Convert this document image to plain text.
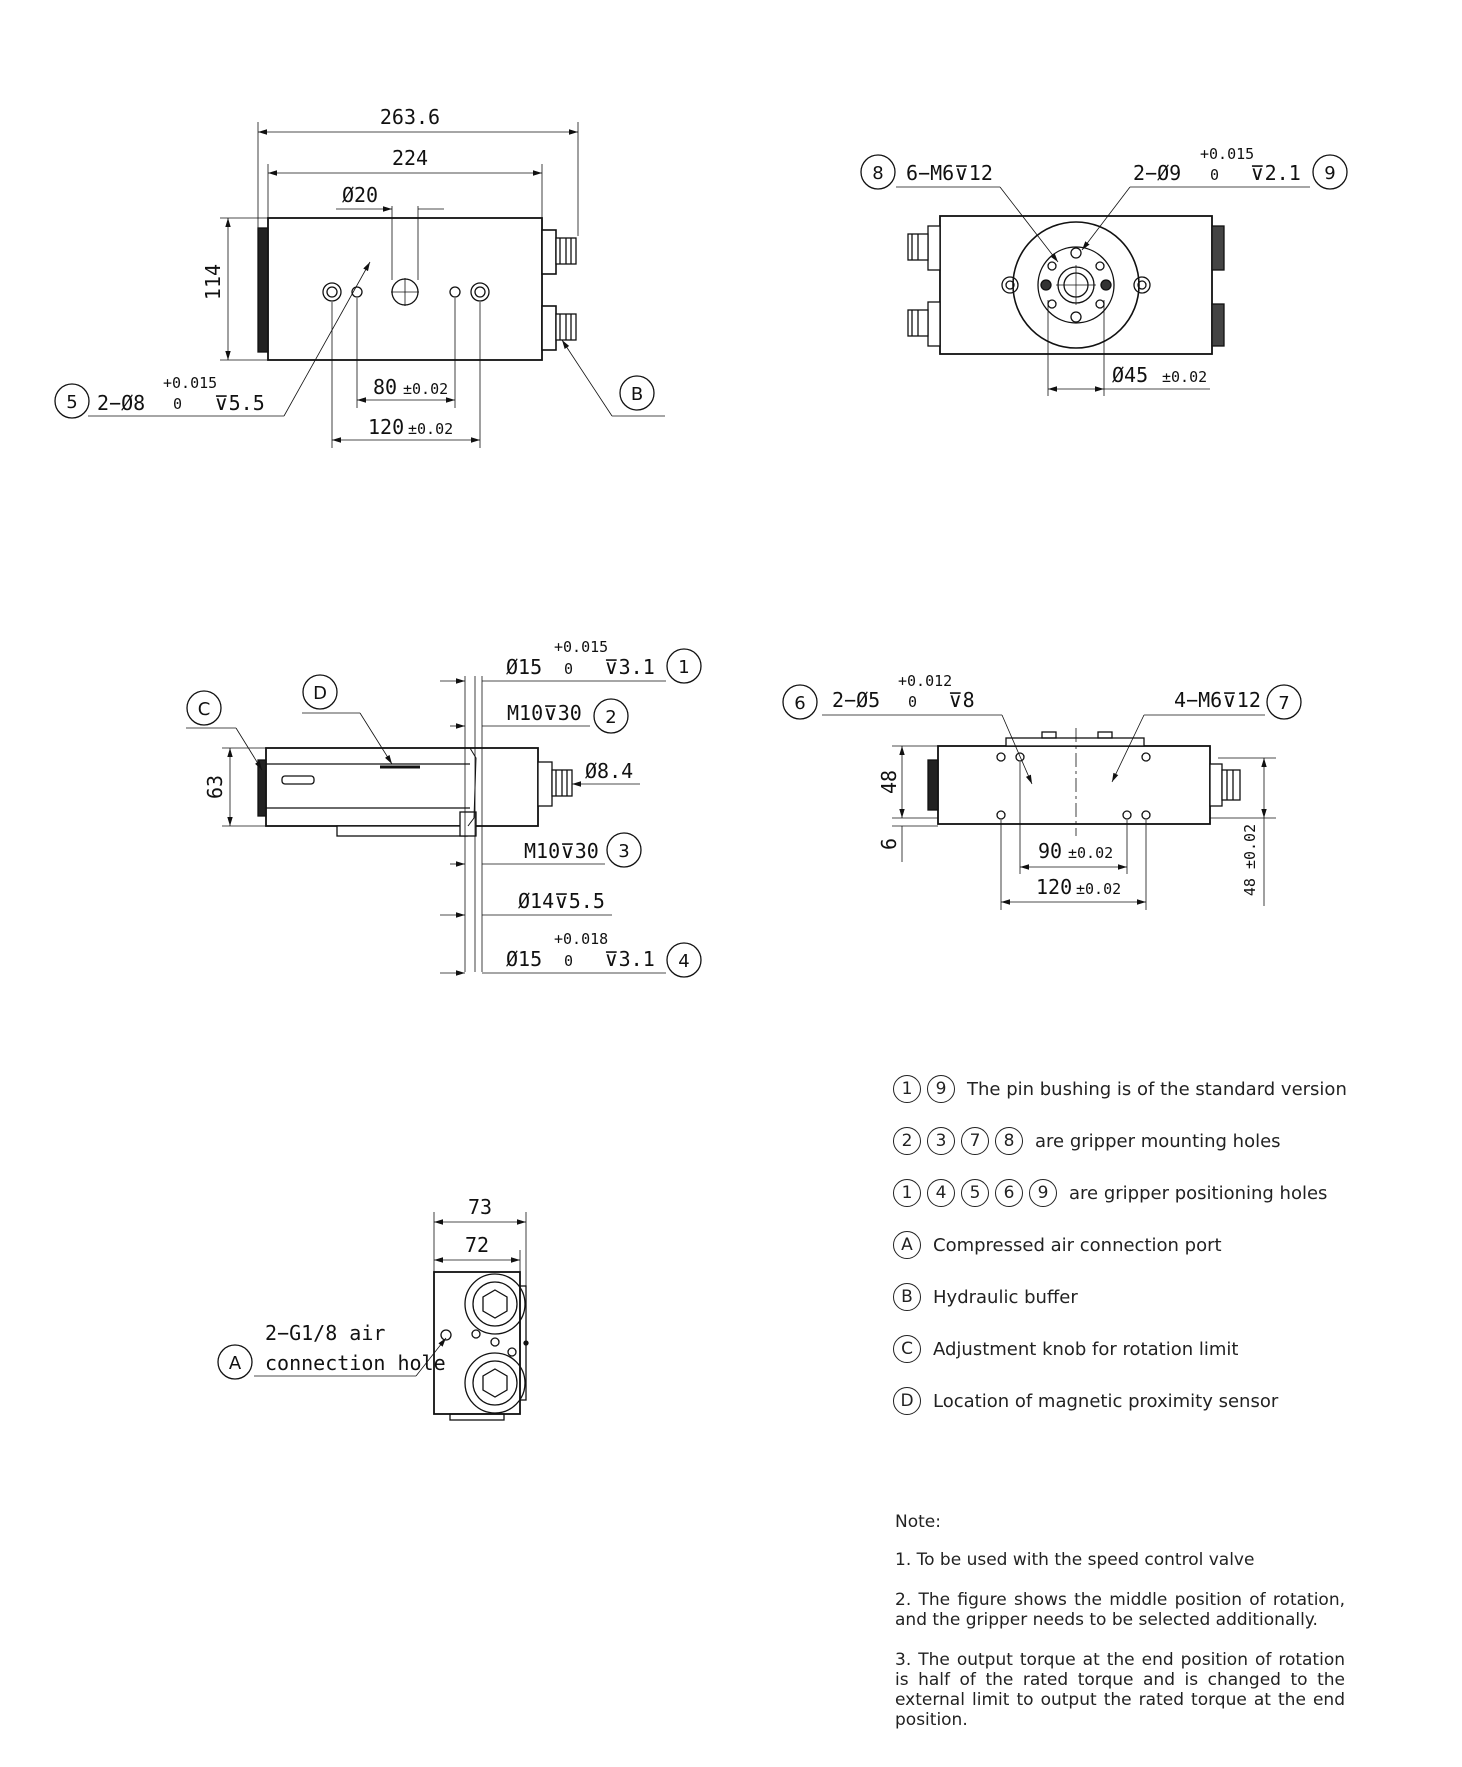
263.6
224
Ø20
114
80 ±0.02
120 ±0.02
5 2−Ø8
+0.015
0 ⊽5.5	B
8 6−M6⊽12	2−Ø9
+0.015
0 ⊽2.1 9
Ø45 ±0.02
C
D
63
Ø8.4
Ø15
+0.015
0 ⊽3.1 1
M10⊽30 2
M10⊽30 3
Ø14⊽5.5
Ø15
+0.018
0 ⊽3.1 4
6 2−Ø5
+0.012
0 ⊽8	4−M6⊽12 7
48
6	90 ±0.02
120 ±0.02	48 ±0.02
73
72
A
2−G1/8 air
connection hole
1	9	The pin bushing is of the standard version
2	3	7	8	are gripper mounting holes
1	4	5	6	9	are gripper positioning holes
A	Compressed air connection port
B	Hydraulic buffer
C	Adjustment knob for rotation limit
D	Location of magnetic proximity sensor

Note:

1. To be used with the speed control valve

2. The figure shows the middle position of rotation, and the gripper needs to be selected additionally.

3. The output torque at the end position of rotation is half of the rated torque and is changed to the external limit to output the rated torque at the end position.
